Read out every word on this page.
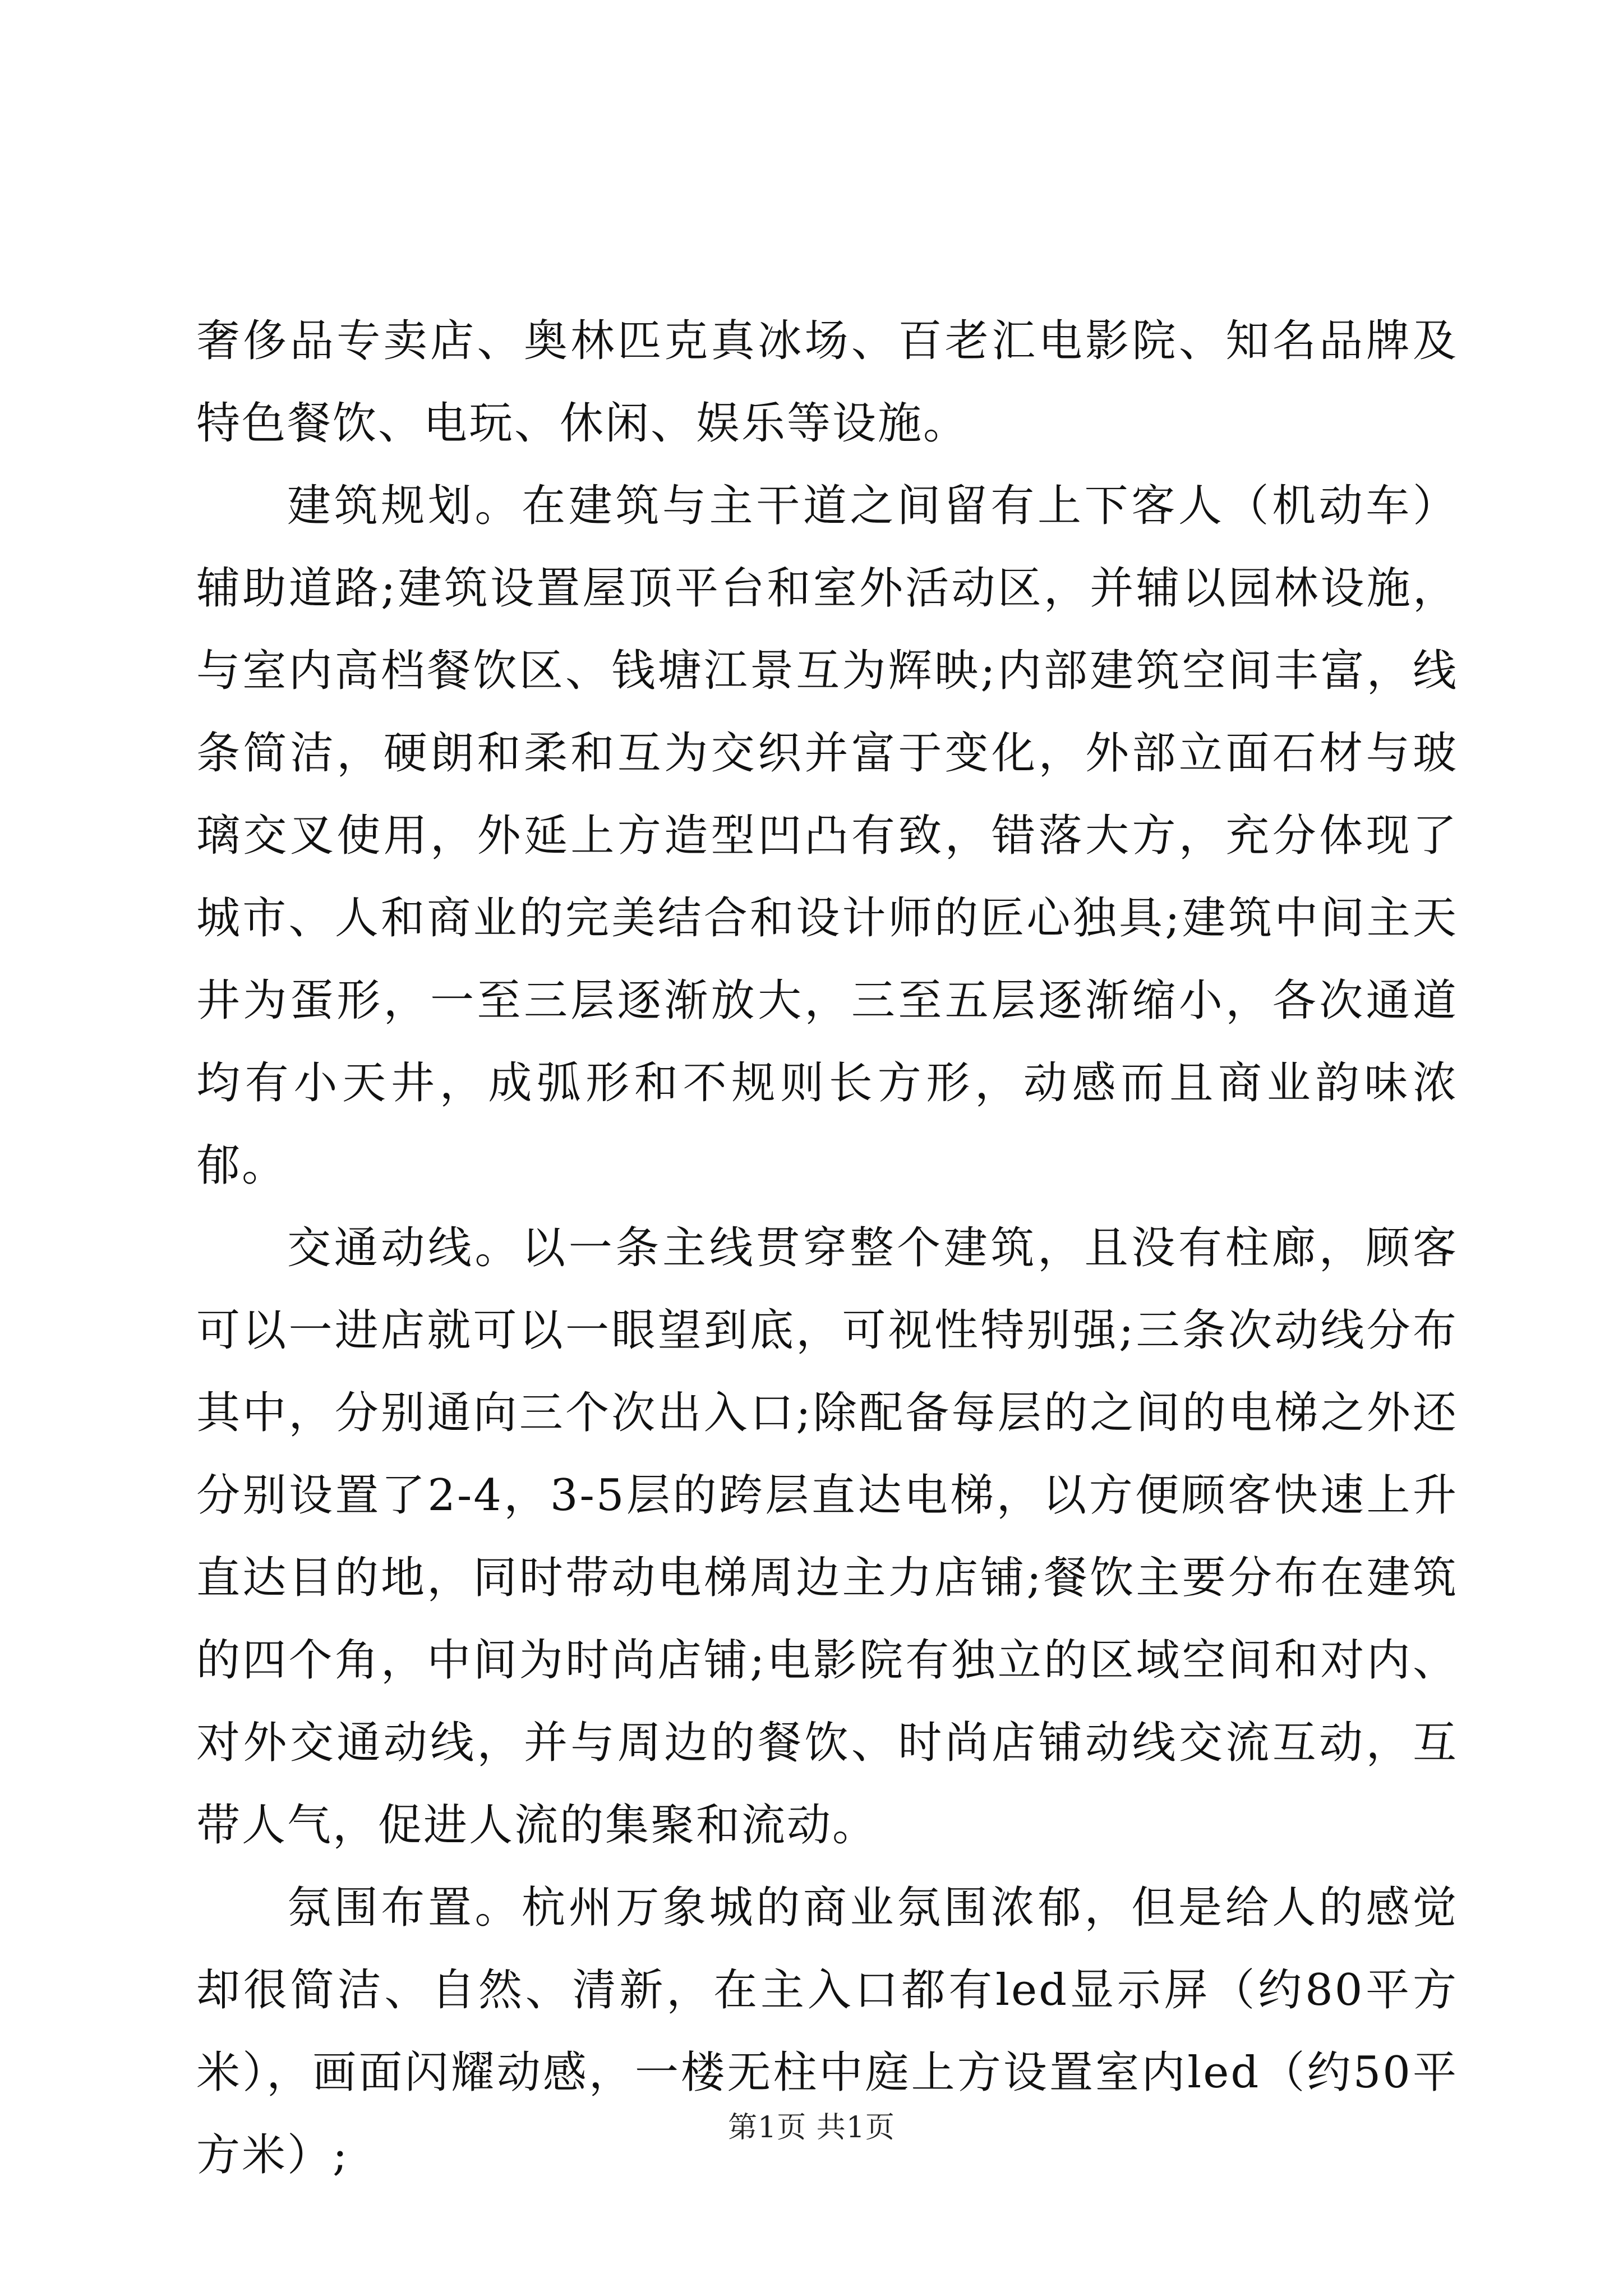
奢侈品专卖店、奥林匹克真冰场、百老汇电影院、知名品牌及特色餐饮、电玩、休闲、娱乐等设施。

建筑规划。在建筑与主干道之间留有上下客人（机动车）辅助道路;建筑设置屋顶平台和室外活动区，并辅以园林设施，与室内高档餐饮区、钱塘江景互为辉映;内部建筑空间丰富，线条简洁，硬朗和柔和互为交织并富于变化，外部立面石材与玻璃交叉使用，外延上方造型凹凸有致，错落大方，充分体现了城市、人和商业的完美结合和设计师的匠心独具;建筑中间主天井为蛋形，一至三层逐渐放大，三至五层逐渐缩小，各次通道均有小天井，成弧形和不规则长方形，动感而且商业韵味浓郁。

交通动线。以一条主线贯穿整个建筑，且没有柱廊，顾客可以一进店就可以一眼望到底，可视性特别强;三条次动线分布其中，分别通向三个次出入口;除配备每层的之间的电梯之外还分别设置了2-4，3-5层的跨层直达电梯，以方便顾客快速上升直达目的地，同时带动电梯周边主力店铺;餐饮主要分布在建筑的四个角，中间为时尚店铺;电影院有独立的区域空间和对内、对外交通动线，并与周边的餐饮、时尚店铺动线交流互动，互带人气，促进人流的集聚和流动。

氛围布置。杭州万象城的商业氛围浓郁，但是给人的感觉却很简洁、自然、清新，在主入口都有led显示屏（约80平方米），画面闪耀动感，一楼无柱中庭上方设置室内led（约50平方米）;

第1页 共1页
